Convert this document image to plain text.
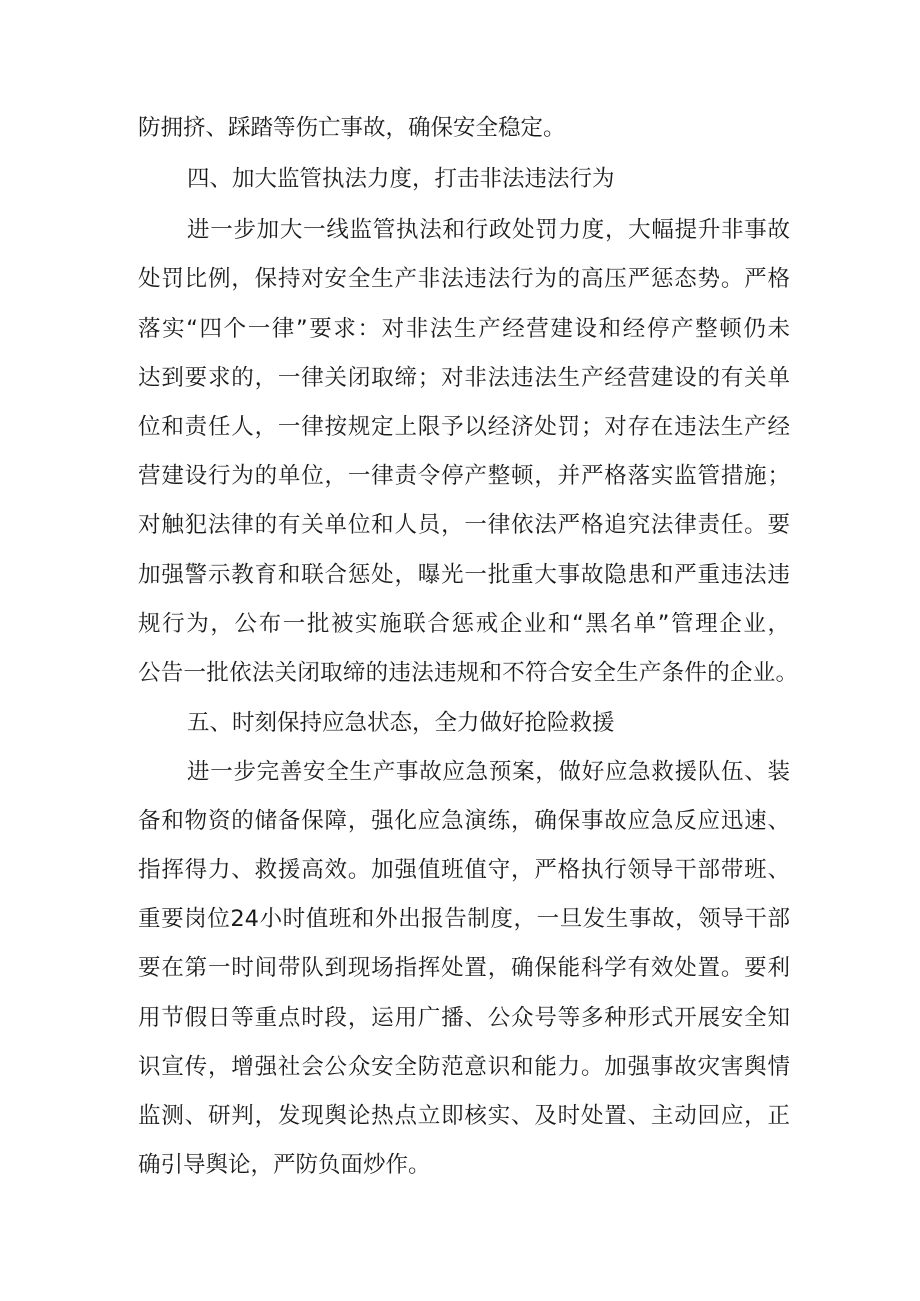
防拥挤、踩踏等伤亡事故，确保安全稳定。

四、加大监管执法力度，打击非法违法行为

进一步加大一线监管执法和行政处罚力度，大幅提升非事故

处罚比例，保持对安全生产非法违法行为的高压严惩态势。严格

落实“四个一律”要求：对非法生产经营建设和经停产整顿仍未

达到要求的，一律关闭取缔；对非法违法生产经营建设的有关单

位和责任人，一律按规定上限予以经济处罚；对存在违法生产经

营建设行为的单位，一律责令停产整顿，并严格落实监管措施；

对触犯法律的有关单位和人员，一律依法严格追究法律责任。要

加强警示教育和联合惩处，曝光一批重大事故隐患和严重违法违

规行为，公布一批被实施联合惩戒企业和“黑名单”管理企业，

公告一批依法关闭取缔的违法违规和不符合安全生产条件的企业。

五、时刻保持应急状态，全力做好抢险救援

进一步完善安全生产事故应急预案，做好应急救援队伍、装

备和物资的储备保障，强化应急演练，确保事故应急反应迅速、

指挥得力、救援高效。加强值班值守，严格执行领导干部带班、

重要岗位24小时值班和外出报告制度，一旦发生事故，领导干部

要在第一时间带队到现场指挥处置，确保能科学有效处置。要利

用节假日等重点时段，运用广播、公众号等多种形式开展安全知

识宣传，增强社会公众安全防范意识和能力。加强事故灾害舆情

监测、研判，发现舆论热点立即核实、及时处置、主动回应，正

确引导舆论，严防负面炒作。
